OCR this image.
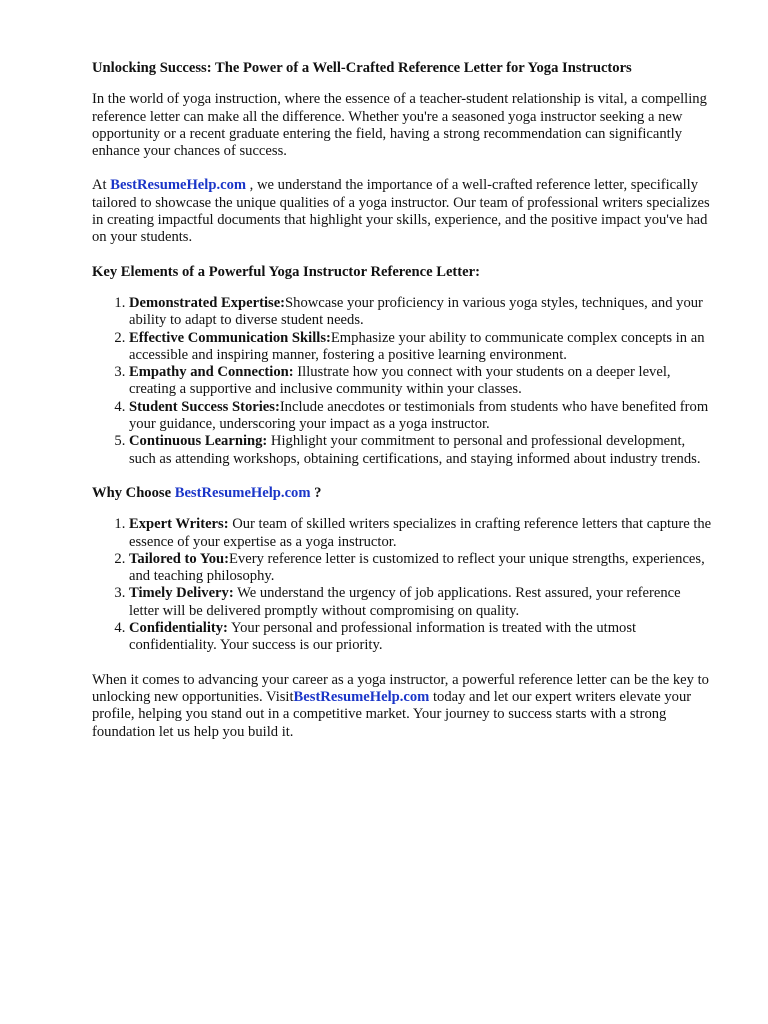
Unlocking Success: The Power of a Well-Crafted Reference Letter for Yoga Instructors

In the world of yoga instruction, where the essence of a teacher-student relationship is vital, a compelling reference letter can make all the difference. Whether you're a seasoned yoga instructor seeking a new opportunity or a recent graduate entering the field, having a strong recommendation can significantly enhance your chances of success.

At BestResumeHelp.com , we understand the importance of a well-crafted reference letter, specifically tailored to showcase the unique qualities of a yoga instructor. Our team of professional writers specializes in creating impactful documents that highlight your skills, experience, and the positive impact you've had on your students.

Key Elements of a Powerful Yoga Instructor Reference Letter:
1. Demonstrated Expertise:Showcase your proficiency in various yoga styles, techniques, and your ability to adapt to diverse student needs.
2. Effective Communication Skills:Emphasize your ability to communicate complex concepts in an accessible and inspiring manner, fostering a positive learning environment.
3. Empathy and Connection: Illustrate how you connect with your students on a deeper level, creating a supportive and inclusive community within your classes.
4. Student Success Stories:Include anecdotes or testimonials from students who have benefited from your guidance, underscoring your impact as a yoga instructor.
5. Continuous Learning: Highlight your commitment to personal and professional development, such as attending workshops, obtaining certifications, and staying informed about industry trends.
Why Choose BestResumeHelp.com ?
1. Expert Writers: Our team of skilled writers specializes in crafting reference letters that capture the essence of your expertise as a yoga instructor.
2. Tailored to You:Every reference letter is customized to reflect your unique strengths, experiences, and teaching philosophy.
3. Timely Delivery: We understand the urgency of job applications. Rest assured, your reference letter will be delivered promptly without compromising on quality.
4. Confidentiality: Your personal and professional information is treated with the utmost confidentiality. Your success is our priority.

When it comes to advancing your career as a yoga instructor, a powerful reference letter can be the key to unlocking new opportunities. VisitBestResumeHelp.com today and let our expert writers elevate your profile, helping you stand out in a competitive market. Your journey to success starts with a strong foundation let us help you build it.
